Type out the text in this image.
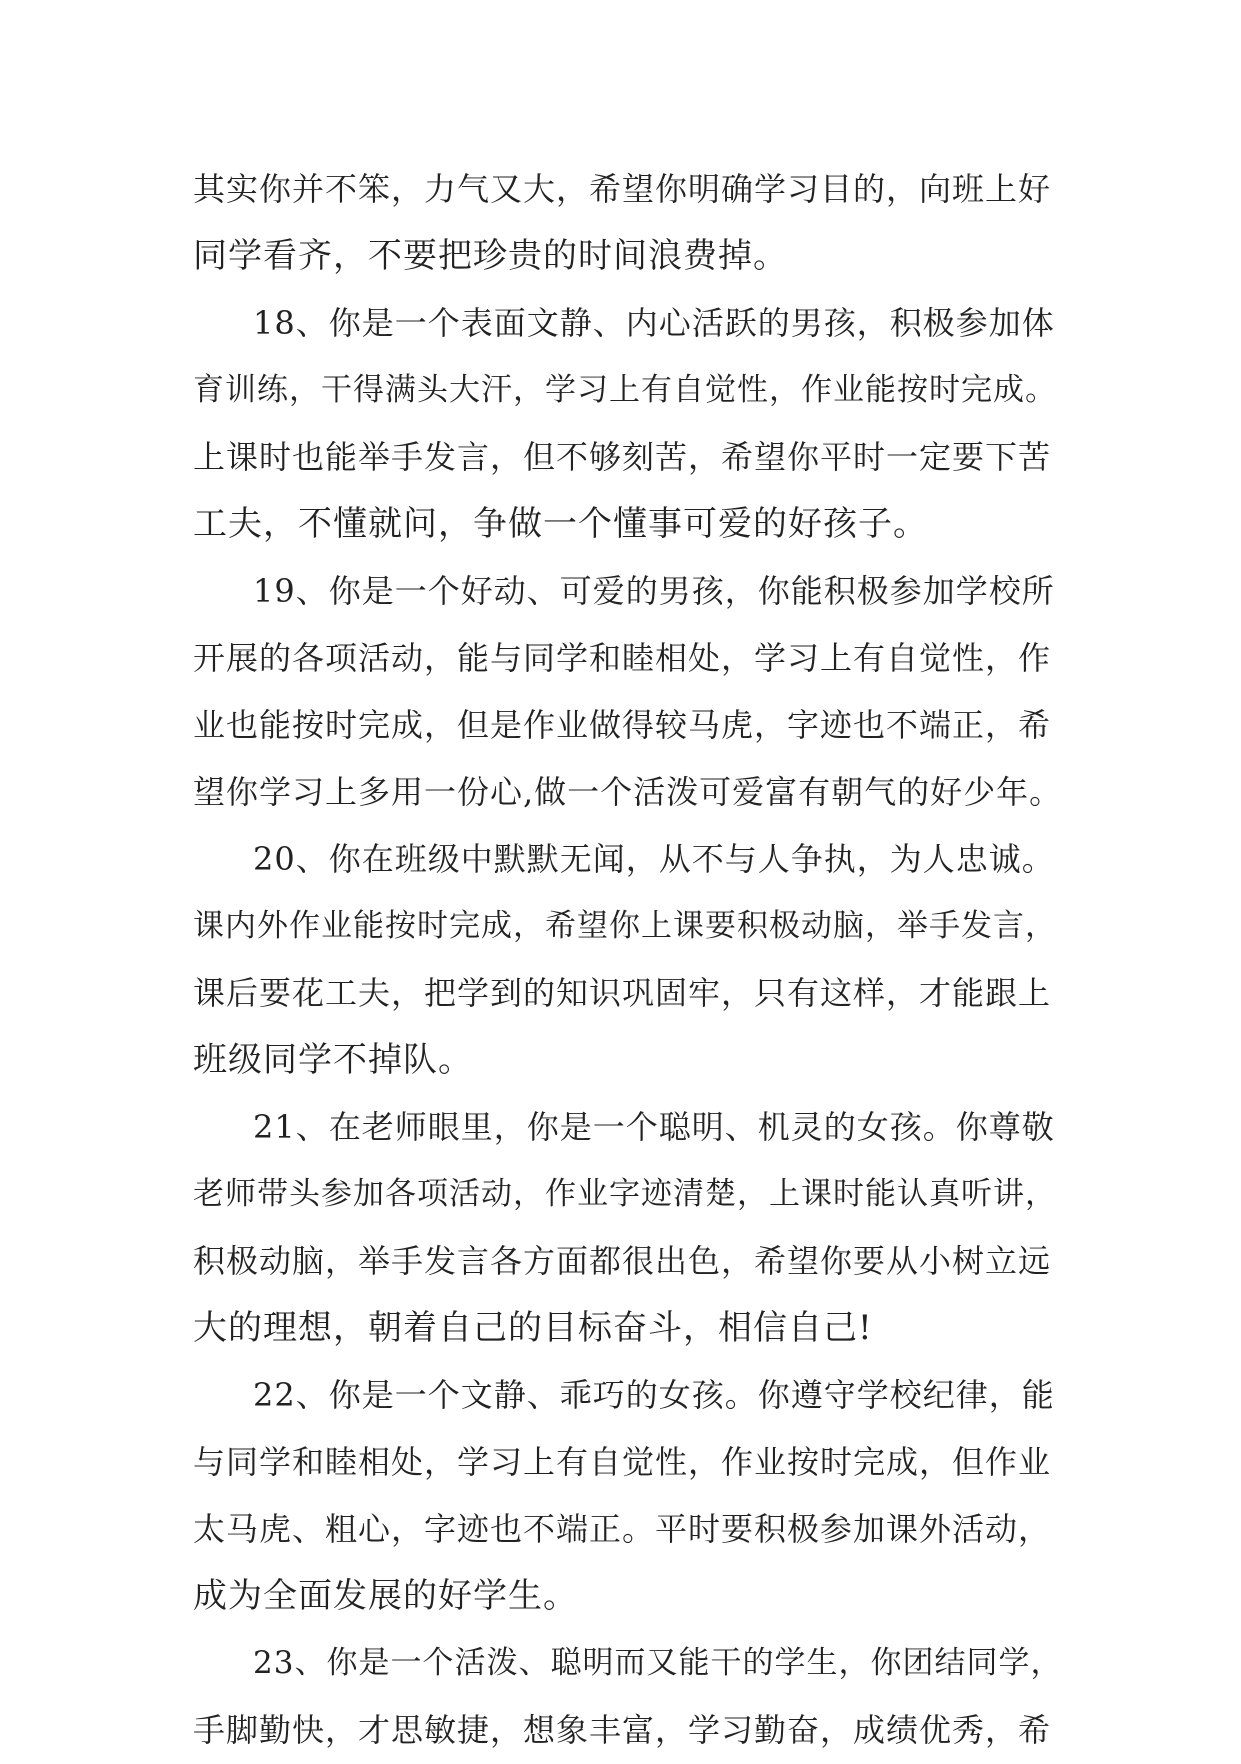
其实你并不笨，力气又大，希望你明确学习目的，向班上好
同学看齐，不要把珍贵的时间浪费掉。
18、你是一个表面文静、内心活跃的男孩，积极参加体
育训练，干得满头大汗，学习上有自觉性，作业能按时完成。
上课时也能举手发言，但不够刻苦，希望你平时一定要下苦
工夫，不懂就问，争做一个懂事可爱的好孩子。
19、你是一个好动、可爱的男孩，你能积极参加学校所
开展的各项活动，能与同学和睦相处，学习上有自觉性，作
业也能按时完成，但是作业做得较马虎，字迹也不端正，希
望你学习上多用一份心,做一个活泼可爱富有朝气的好少年。
20、你在班级中默默无闻，从不与人争执，为人忠诚。
课内外作业能按时完成，希望你上课要积极动脑，举手发言，
课后要花工夫，把学到的知识巩固牢，只有这样，才能跟上
班级同学不掉队。
21、在老师眼里，你是一个聪明、机灵的女孩。你尊敬
老师带头参加各项活动，作业字迹清楚，上课时能认真听讲，
积极动脑，举手发言各方面都很出色，希望你要从小树立远
大的理想，朝着自己的目标奋斗，相信自己!
22、你是一个文静、乖巧的女孩。你遵守学校纪律，能
与同学和睦相处，学习上有自觉性，作业按时完成，但作业
太马虎、粗心，字迹也不端正。平时要积极参加课外活动，
成为全面发展的好学生。
23、你是一个活泼、聪明而又能干的学生，你团结同学，
手脚勤快，才思敏捷，想象丰富，学习勤奋，成绩优秀，希
